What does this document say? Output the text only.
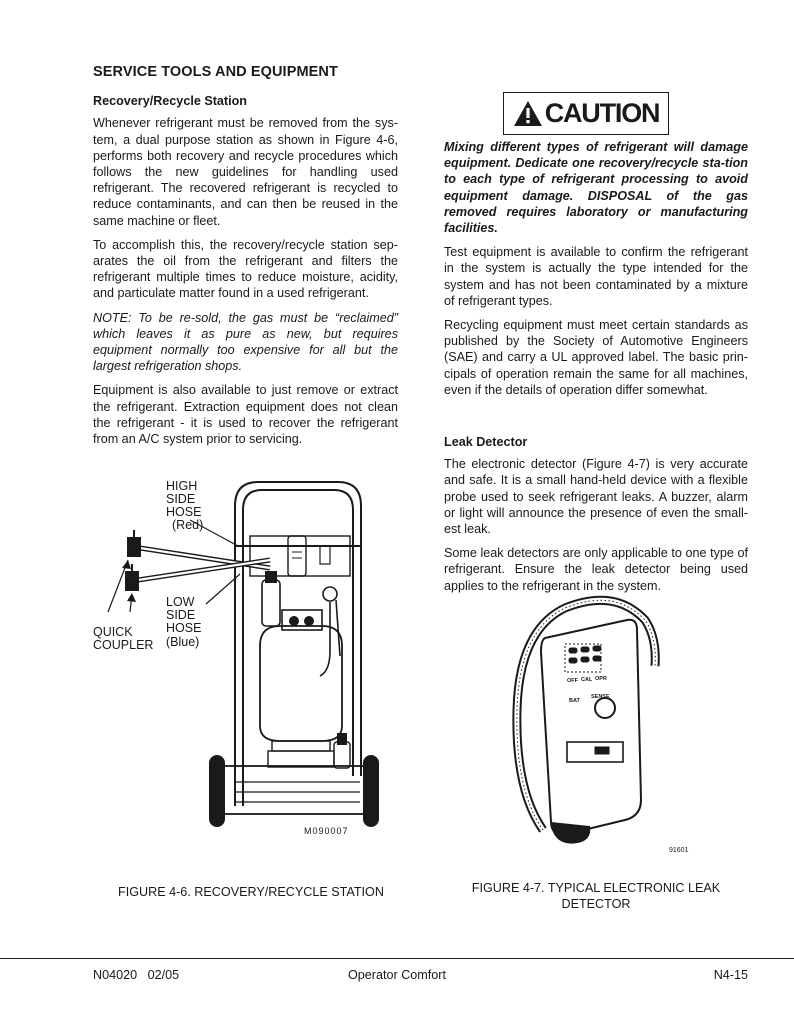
SERVICE TOOLS AND EQUIPMENT
Recovery/Recycle Station

Whenever refrigerant must be removed from the sys-tem, a dual purpose station as shown in Figure 4-6, performs both recovery and recycle procedures which follows the new guidelines for handling used refrigerant. The recovered refrigerant is recycled to reduce contaminants, and can then be reused in the same machine or fleet.

To accomplish this, the recovery/recycle station sep-arates the oil from the refrigerant and filters the refrigerant multiple times to reduce moisture, acidity, and particulate matter found in a used refrigerant.

NOTE: To be re-sold, the gas must be “reclaimed” which leaves it as pure as new, but requires equipment normally too expensive for all but the largest refrigeration shops.

Equipment is also available to just remove or extract the refrigerant. Extraction equipment does not clean the refrigerant - it is used to recover the refrigerant from an A/C system prior to servicing.

CAUTION

Mixing different types of refrigerant will damage equipment. Dedicate one recovery/recycle sta-tion to each type of refrigerant processing to avoid equipment damage. DISPOSAL of the gas removed requires laboratory or manufacturing facilities.

Test equipment is available to confirm the refrigerant in the system is actually the type intended for the system and has not been contaminated by a mixture of refrigerant types.

Recycling equipment must meet certain standards as published by the Society of Automotive Engineers (SAE) and carry a UL approved label. The basic prin-cipals of operation remain the same for all machines, even if the details of operation differ somewhat.

Leak Detector

The electronic detector (Figure 4-7) is very accurate and safe. It is a small hand-held device with a flexible probe used to seek refrigerant leaks. A buzzer, alarm or light will announce the presence of even the small-est leak.

Some leak detectors are only applicable to one type of refrigerant. Ensure the leak detector being used applies to the refrigerant in the system.

HIGH
SIDE
HOSE
(Red)
LOW
SIDE
HOSE
(Blue)
QUICK
COUPLER
M090007
FIGURE 4-6. RECOVERY/RECYCLE STATION
OFF CAL OPR
BAT
SENSE
91601
FIGURE 4-7. TYPICAL ELECTRONIC LEAK
DETECTOR
N04020   02/05	Operator Comfort	N4-15
